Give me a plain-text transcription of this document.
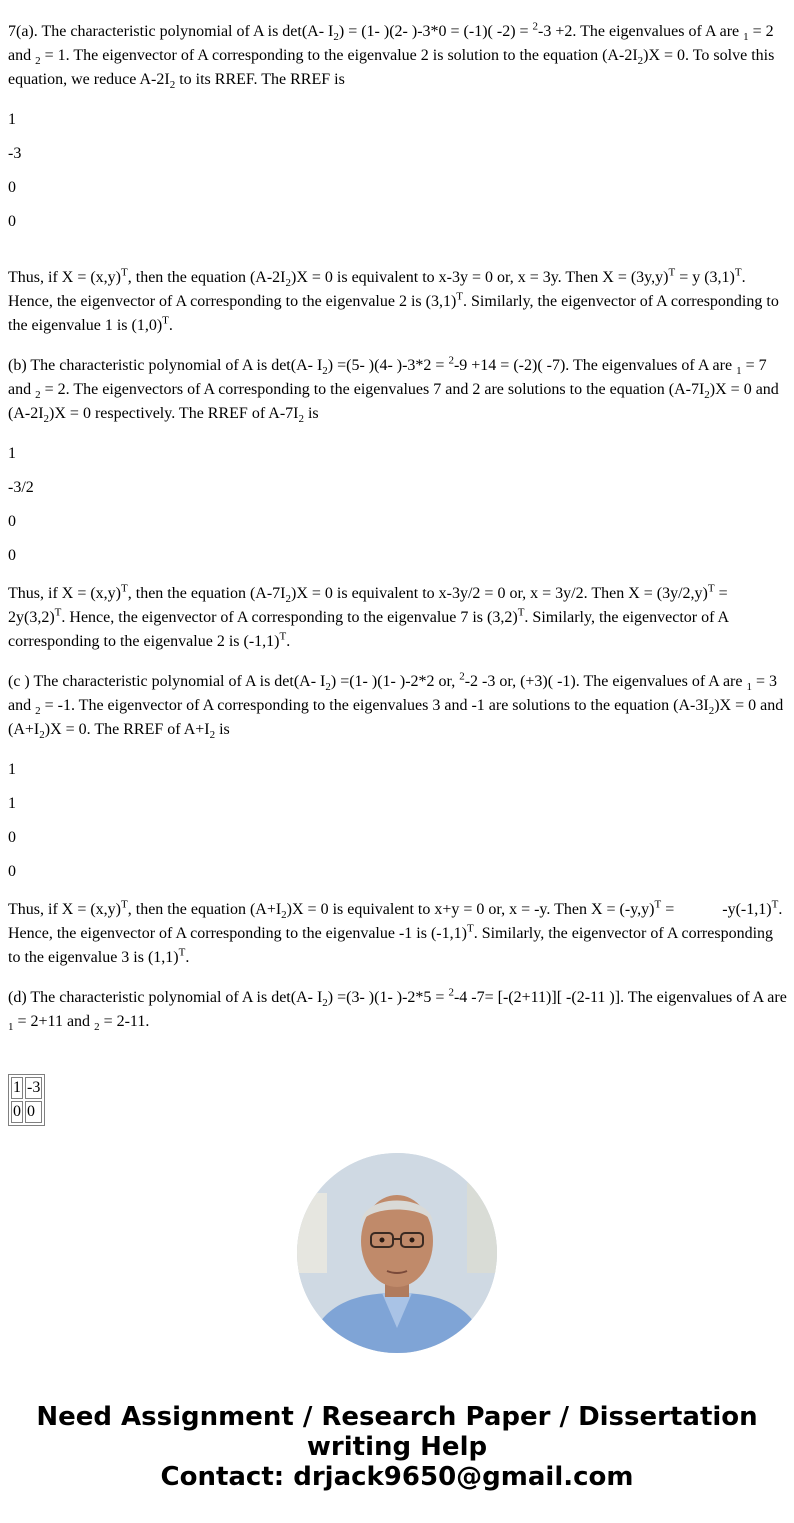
7(a). The characteristic polynomial of A is det(A- $I_2) = (1-$ )(2- )-3*0 = (-1)( -2) = $^2$-3 +2. The eigenvalues of A are $_1$ = 2 and $_2$ = 1. The eigenvector of A corresponding to the eigenvalue 2 is solution to the equation $(A-2I_2)X = 0$. To solve this equation, we reduce $A-2I_2$ to its RREF. The RREF is

1

-3

0

0

Thus, if $X = (x,y)^T$, then the equation $(A-2I_2)X = 0$ is equivalent to x-3y = 0 or, x = 3y. Then $X = (3y,y)^T = y$ $(3,1)^T$. Hence, the eigenvector of A corresponding to the eigenvalue 2 is $(3,1)^T$. Similarly, the eigenvector of A corresponding to the eigenvalue 1 is $(1,0)^T$.

(b) The characteristic polynomial of A is det(A- $I_2) =(5-$ )(4- )-3*2 = $^2$-9 +14 = (-2)( -7). The eigenvalues of A are $_1$ = 7 and $_2$ = 2. The eigenvectors of A corresponding to the eigenvalues 7 and 2 are solutions to the equation $(A-7I_2)X = 0$ and $(A-2I_2)X = 0$ respectively. The RREF of $A-7I_2$ is

1

-3/2

0

0

Thus, if $X = (x,y)^T$, then the equation $(A-7I_2)X = 0$ is equivalent to x-3y/2 = 0 or, x = 3y/2. Then $X = (3y/2,y)^T = 2y(3,2)^T$. Hence, the eigenvector of A corresponding to the eigenvalue 7 is $(3,2)^T$. Similarly, the eigenvector of A corresponding to the eigenvalue 2 is $(-1,1)^T$.

(c ) The characteristic polynomial of A is det(A- $I_2) =(1-$ )(1- )-2*2 or, $^2$-2 -3 or, (+3)( -1). The eigenvalues of A are $_1$ = 3 and $_2$ = -1. The eigenvector of A corresponding to the eigenvalues 3 and -1 are solutions to the equation $(A-3I_2)X = 0$ and $(A+I_2)X = 0$. The RREF of $A+I_2$ is

1

1

0

0

Thus, if $X = (x,y)^T$, then the equation $(A+I_2)X = 0$ is equivalent to x+y = 0 or, x = -y. Then $X = (-y,y)^T$ =	$-y(-1,1)^T$. Hence, the eigenvector of A corresponding to the eigenvalue -1 is $(-1,1)^T$. Similarly, the eigenvector of A corresponding to the eigenvalue 3 is $(1,1)^T$.

(d) The characteristic polynomial of A is det(A- $I_2) =(3-$ )(1- )-2*5 = $^2$-4 -7= [-(2+11)][ -(2-11 )]. The eigenvalues of A are $_1$ = 2+11 and $_2$ = 2-11.

1	-3
0	0
Need Assignment / Research Paper / Dissertation writing Help
Contact: drjack9650@gmail.com
